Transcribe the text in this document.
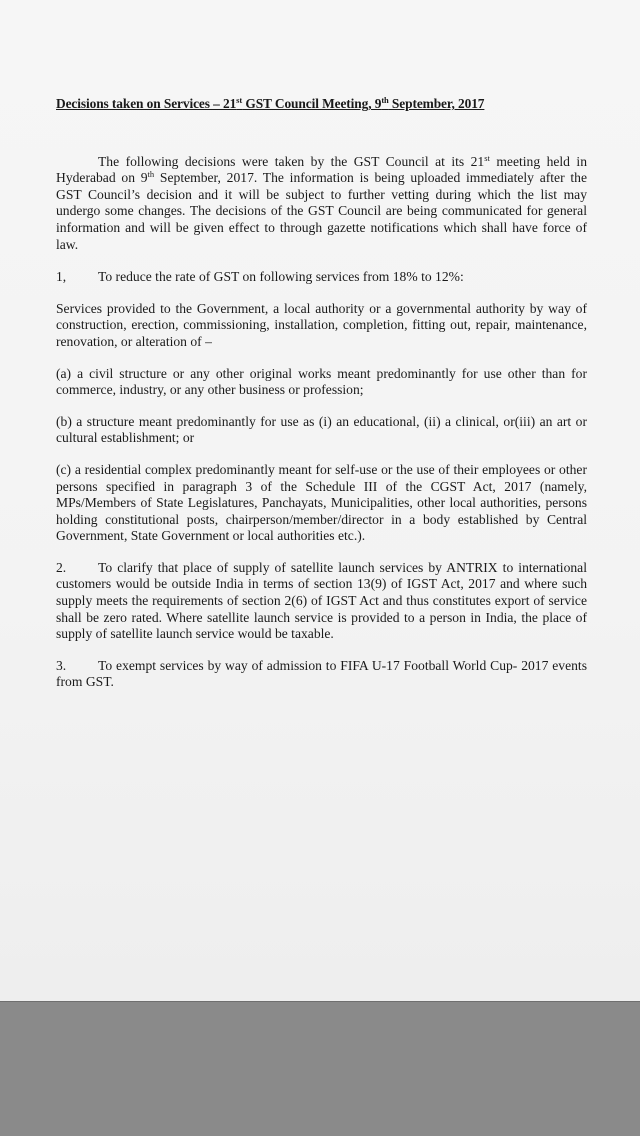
Decisions taken on Services – 21st GST Council Meeting, 9th September, 2017

The following decisions were taken by the GST Council at its 21st meeting held in Hyderabad on 9th September, 2017. The information is being uploaded immediately after the GST Council’s decision and it will be subject to further vetting during which the list may undergo some changes. The decisions of the GST Council are being communicated for general information and will be given effect to through gazette notifications which shall have force of law.

1,	To reduce the rate of GST on following services from 18% to 12%:

Services provided to the Government, a local authority or a governmental authority by way of construction, erection, commissioning, installation, completion, fitting out, repair, maintenance, renovation, or alteration of –

(a) a civil structure or any other original works meant predominantly for use other than for commerce, industry, or any other business or profession;

(b) a structure meant predominantly for use as (i) an educational, (ii) a clinical, or(iii) an art or cultural establishment; or

(c) a residential complex predominantly meant for self-use or the use of their employees or other persons specified in paragraph 3 of the Schedule III of the CGST Act, 2017 (namely, MPs/Members of State Legislatures, Panchayats, Municipalities, other local authorities, persons holding constitutional posts, chairperson/member/director in a body established by Central Government, State Government or local authorities etc.).

2. To clarify that place of supply of satellite launch services by ANTRIX to international customers would be outside India in terms of section 13(9) of IGST Act, 2017 and where such supply meets the requirements of section 2(6) of IGST Act and thus constitutes export of service shall be zero rated. Where satellite launch service is provided to a person in India, the place of supply of satellite launch service would be taxable.

3. To exempt services by way of admission to FIFA U-17 Football World Cup- 2017 events from GST.
